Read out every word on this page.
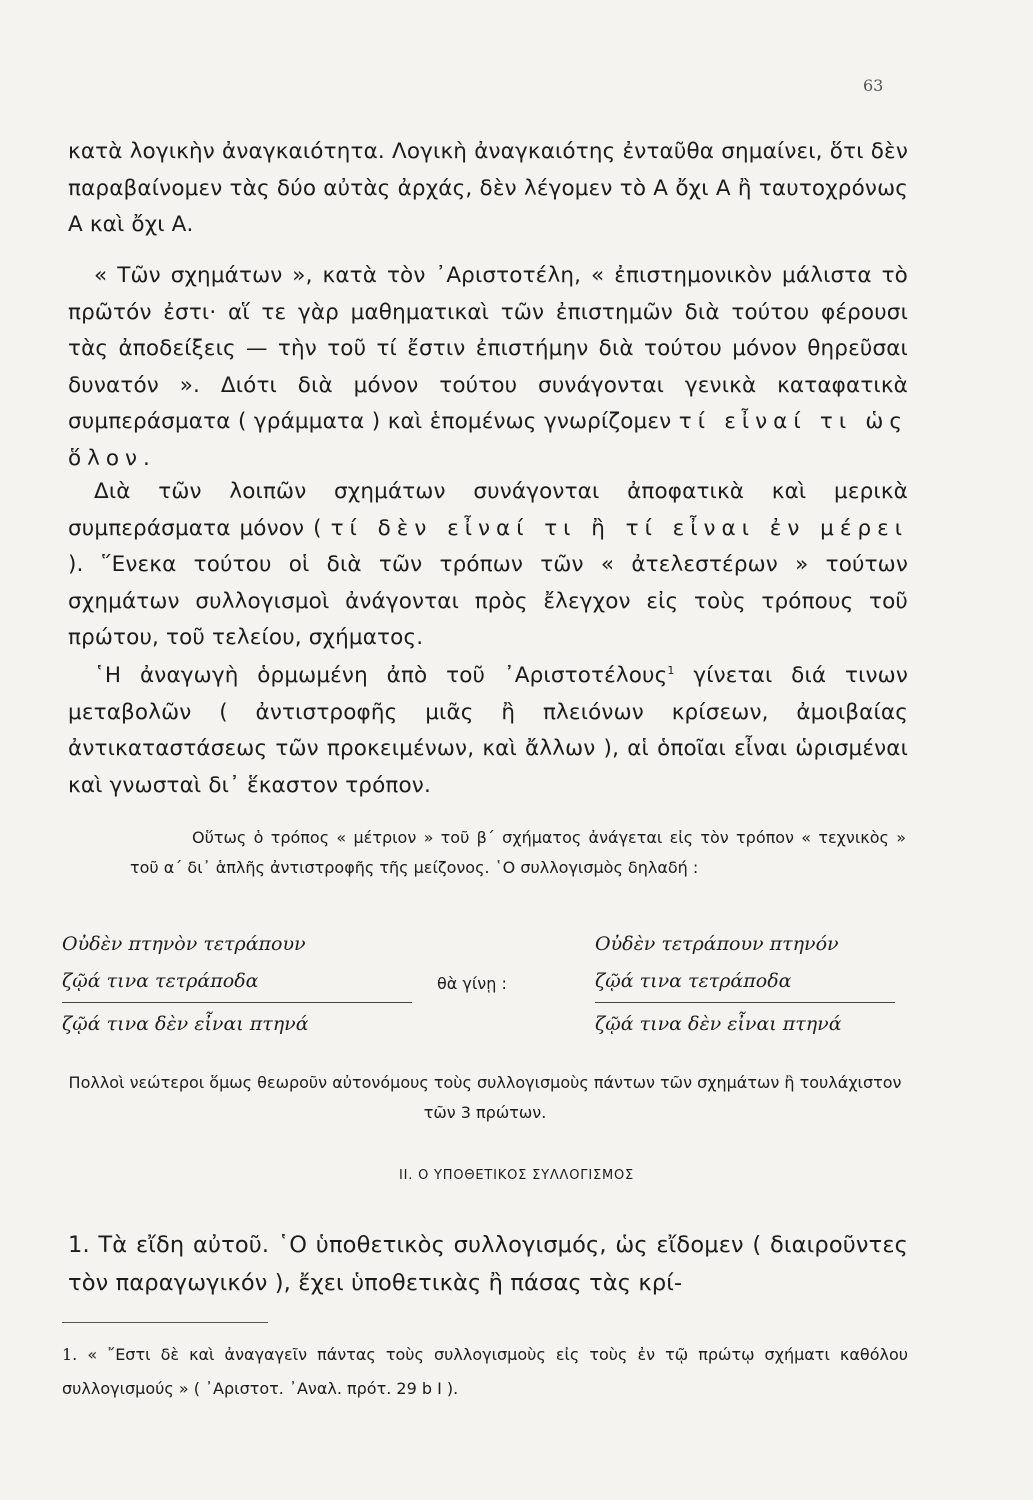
63

κατὰ λογικὴν ἀναγκαιότητα. Λογικὴ ἀναγκαιότης ἐνταῦθα σημαίνει, ὅτι δὲν παραβαίνομεν τὰς δύο αὐτὰς ἀρχάς, δὲν λέγομεν τὸ Α ὄχι Α ἢ ταυτοχρόνως Α καὶ ὄχι Α.

« Τῶν σχημάτων », κατὰ τὸν ᾿Αριστοτέλη, « ἐπιστημονικὸν μάλιστα τὸ πρῶτόν ἐστι· αἵ τε γὰρ μαθηματικαὶ τῶν ἐπιστημῶν διὰ τούτου φέρουσι τὰς ἀποδείξεις — τὴν τοῦ τί ἔστιν ἐπιστήμην διὰ τούτου μόνον θηρεῦσαι δυνατόν ». Διότι διὰ μόνον τούτου συνάγονται γενικὰ καταφατικὰ συμπεράσματα ( γράμματα ) καὶ ἑπομένως γνωρίζομεν τί εἶναί τι ὡς ὅλον.

Διὰ τῶν λοιπῶν σχημάτων συνάγονται ἀποφατικὰ καὶ μερικὰ συμπεράσματα μόνον ( τί δὲν εἶναί τι ἢ τί εἶναι ἐν μέρει ). ῞Ενεκα τούτου οἱ διὰ τῶν τρόπων τῶν « ἀτελεστέρων » τούτων σχημάτων συλλογισμοὶ ἀνάγονται πρὸς ἔλεγχον εἰς τοὺς τρόπους τοῦ πρώτου, τοῦ τελείου, σχήματος.

῾Η ἀναγωγὴ ὁρμωμένη ἀπὸ τοῦ ᾿Αριστοτέλους$^1$ γίνεται διά τινων μεταβολῶν ( ἀντιστροφῆς μιᾶς ἢ πλειόνων κρίσεων, ἀμοιβαίας ἀντικαταστάσεως τῶν προκειμένων, καὶ ἄλλων ), αἱ ὁποῖαι εἶναι ὡρισμέναι καὶ γνωσταὶ δι᾿ ἕκαστον τρόπον.

Οὕτως ὁ τρόπος « μέτριον » τοῦ β΄ σχήματος ἀνάγεται εἰς τὸν τρόπον « τεχνικὸς » τοῦ α΄ δι᾿ ἁπλῆς ἀντιστροφῆς τῆς μείζονος. ῾Ο συλλογισμὸς δηλαδή :

Οὐδὲν πτηνὸν τετράπουν
ζῷά τινα τετράποδα
ζῷά τινα δὲν εἶναι πτηνά
θὰ γίνῃ :
Οὐδὲν τετράπουν πτηνόν
ζῷά τινα τετράποδα
ζῷά τινα δὲν εἶναι πτηνά

Πολλοὶ νεώτεροι ὅμως θεωροῦν αὐτονόμους τοὺς συλλογισμοὺς πάντων τῶν σχημάτων ἢ τουλάχιστον τῶν 3 πρώτων.

II. Ο ΥΠΟΘΕΤΙΚΟΣ ΣΥΛΛΟΓΙΣΜΟΣ

1. Τὰ εἴδη αὐτοῦ. ῾Ο ὑποθετικὸς συλλογισμός, ὡς εἴδομεν ( διαιροῦντες τὸν παραγωγικόν ), ἔχει ὑποθετικὰς ἢ πάσας τὰς κρί-

1. « ῎Εστι δὲ καὶ ἀναγαγεῖν πάντας τοὺς συλλογισμοὺς εἰς τοὺς ἐν τῷ πρώτῳ σχήματι καθόλου συλλογισμούς » ( ᾿Αριστοτ. ᾿Αναλ. πρότ. 29 b I ).
